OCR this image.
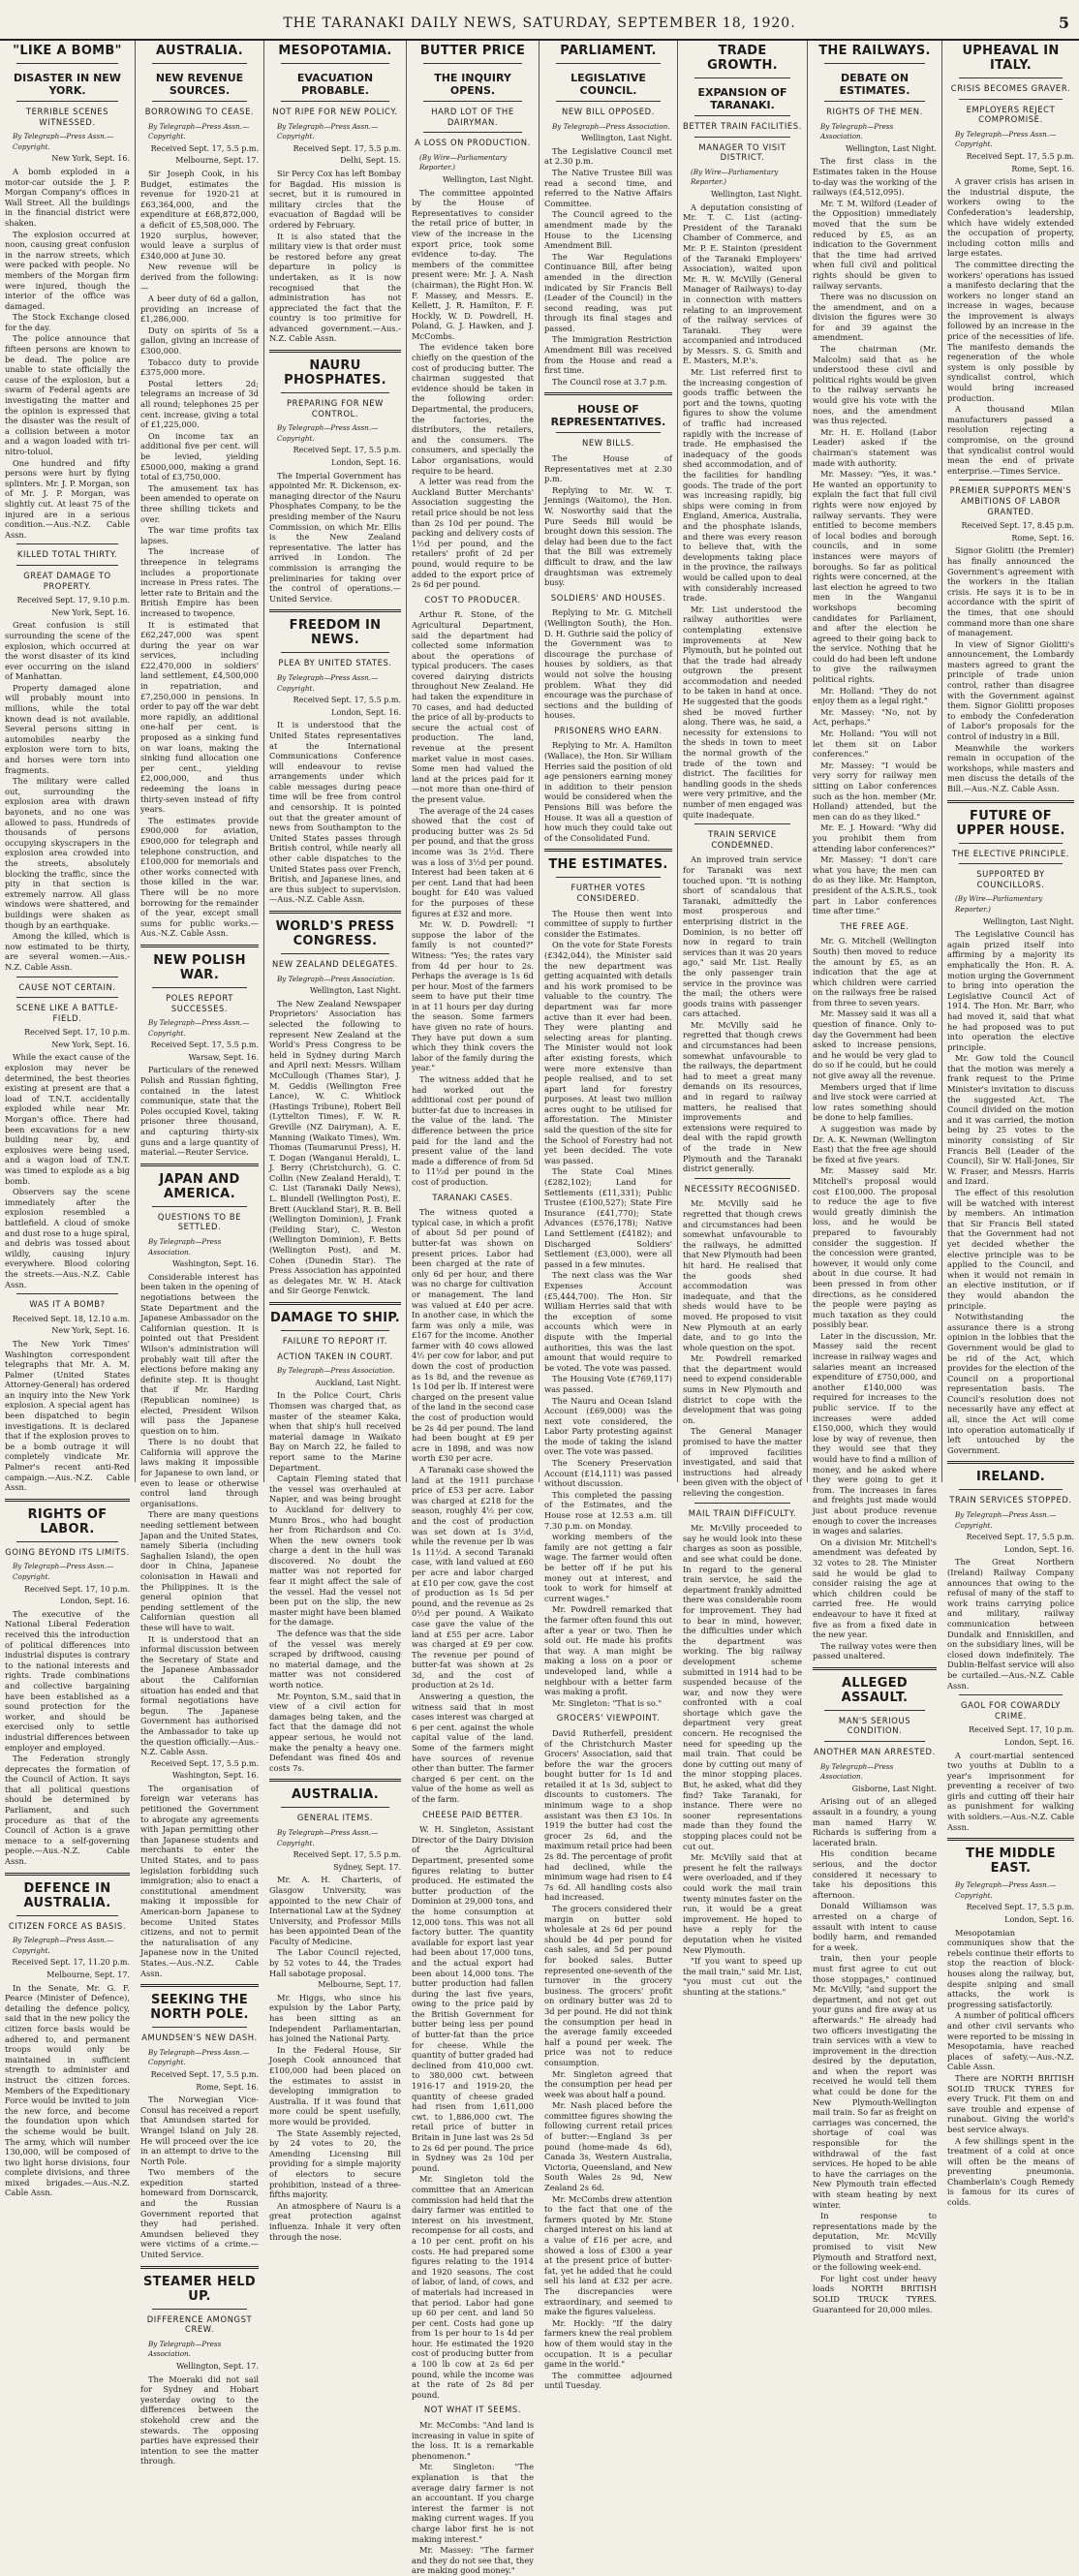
THE TARANAKI DAILY NEWS, SATURDAY, SEPTEMBER 18, 1920.	5
"LIKE A BOMB"
DISASTER IN NEW YORK.
TERRIBLE SCENES WITNESSED.
By Telegraph—Press Assn.—Copyright.
New York, Sept. 16.

A bomb exploded in a motor-car outside the J. P. Morgan Company's offices in Wall Street. All the buildings in the financial district were shaken.

The explosion occurred at noon, causing great confusion in the narrow streets, which were packed with people. No members of the Morgan firm were injured, though the interior of the office was damaged.

The Stock Exchange closed for the day.

The police announce that fifteen persons are known to be dead. The police are unable to state officially the cause of the explosion, but a swarm of Federal agents are investigating the matter and the opinion is expressed that the disaster was the result of a collision between a motor and a wagon loaded with tri-nitro-toluol.

One hundred and fifty persons were hurt by flying splinters. Mr. J. P. Morgan, son of Mr. J. P. Morgan, was slightly cut. At least 75 of the injured are in a serious condition.—Aus.-N.Z. Cable Assn.

KILLED TOTAL THIRTY.
GREAT DAMAGE TO PROPERTY.
Received Sept. 17, 9.10 p.m.
New York, Sept. 16.

Great confusion is still surrounding the scene of the explosion, which occurred at the worst disaster of its kind ever occurring on the island of Manhattan.

Property damaged alone will probably mount into millions, while the total known dead is not available. Several persons sitting in automobiles nearby the explosion were torn to bits, and horses were torn into fragments.

The military were called out, surrounding the explosion area with drawn bayonets, and no one was allowed to pass. Hundreds of thousands of persons occupying skyscrapers in the explosion area crowded into the streets, absolutely blocking the traffic, since the pity in that section is extremely narrow. All glass windows were shattered, and buildings were shaken as though by an earthquake.

Among the killed, which is now estimated to be thirty, are several women.—Aus.-N.Z. Cable Assn.

CAUSE NOT CERTAIN.
SCENE LIKE A BATTLE-FIELD.
Received Sept. 17, 10 p.m.
New York, Sept. 16.

While the exact cause of the explosion may never be determined, the best theories existing at present are that a load of T.N.T. accidentally exploded while near Mr. Morgan's office. There had been excavations for a new building near by, and explosives were being used, and a wagon load of T.N.T. was timed to explode as a big bomb.

Observers say the scene immediately after the explosion resembled a battlefield. A cloud of smoke and dust rose to a huge spiral, and debris was tossed about wildly, causing injury everywhere. Blood coloring the streets.—Aus.-N.Z. Cable Assn.

WAS IT A BOMB?
Received Sept. 18, 12.10 a.m.
New York, Sept. 16.

The New York Times' Washington correspondent telegraphs that Mr. A. M. Palmer (United States Attorney-General) has ordered an inquiry into the New York explosion. A special agent has been dispatched to begin investigations. It is declared that if the explosion proves to be a bomb outrage it will completely vindicate Mr. Palmer's recent anti-Red campaign.—Aus.-N.Z. Cable Assn.

RIGHTS OF LABOR.
GOING BEYOND ITS LIMITS.
By Telegraph—Press Assn.—Copyright.
Received Sept. 17, 10 p.m.
London, Sept. 16.

The executive of the National Liberal Federation received this the introduction of political differences into industrial disputes is contrary to the national interests and rights. Trade combinations and collective bargaining have been established as a sound protection for the worker, and should be exercised only to settle industrial differences between employer and employed.

The Federation strongly deprecates the formation of the Council of Action. It says that all political questions should be determined by Parliament, and such procedure as that of the Council of Action is a grave menace to a self-governing people.—Aus.-N.Z. Cable Assn.

DEFENCE IN AUSTRALIA.
CITIZEN FORCE AS BASIS.
By Telegraph—Press Assn.—Copyright.
Received Sept. 17, 11.20 p.m.
Melbourne, Sept. 17.

In the Senate, Mr. G. F. Pearce (Minister of Defence), detailing the defence policy, said that in the new policy the citizen force basis would be adhered to, and permanent troops would only be maintained in sufficient strength to administer and instruct the citizen forces. Members of the Expeditionary Force would be invited to join the new force, and become the foundation upon which the scheme would be built. The army, which will number 130,000, will be composed of two light horse divisions, four complete divisions, and three mixed brigades.—Aus.-N.Z. Cable Assn.

AUSTRALIA.
NEW REVENUE SOURCES.
BORROWING TO CEASE.
By Telegraph—Press Assn.—Copyright.
Received Sept. 17, 5.5 p.m.
Melbourne, Sept. 17.

Sir Joseph Cook, in his Budget, estimates the revenue for 1920-21 at £63,364,000, and the expenditure at £68,872,000, a deficit of £5,508,000. The 1920 surplus, however, would leave a surplus of £340,000 at June 30.

New revenue will be derived from the following:—

A beer duty of 6d a gallon, providing an increase of £1,286,000.

Duty on spirits of 5s a gallon, giving an increase of £300,000.

Tobacco duty to provide £375,000 more.

Postal letters 2d; telegrams an increase of 3d all round; telephones 25 per cent. increase, giving a total of £1,225,000.

On income tax an additional five per cent. will be levied, yielding £5000,000, making a grand total of £3,750,000.

The amusement tax has been amended to operate on three shilling tickets and over.

The war time profits tax lapses.

The increase of threepence in telegrams includes a proportionate increase in Press rates. The letter rate to Britain and the British Empire has been increased to twopence.

It is estimated that £62,247,000 was spent during the year on war services, including £22,470,000 in soldiers' land settlement, £4,500,000 in repatriation, and £7,250,000 in pensions. In order to pay off the war debt more rapidly, an additional one-half per cent. is proposed as a sinking fund on war loans, making the sinking fund allocation one per cent., yielding £2,000,000, and thus redeeming the loans in thirty-seven instead of fifty years.

The estimates provide £900,000 for aviation, £900,000 for telegraph and telephone construction, and £100,000 for memorials and other works connected with those killed in the war. There will be no more borrowing for the remainder of the year, except small sums for public works.—Aus.-N.Z. Cable Assn.

NEW POLISH WAR.
POLES REPORT SUCCESSES.
By Telegraph—Press Assn.—Copyright.
Received Sept. 17, 5.5 p.m.
Warsaw, Sept. 16.

Particulars of the renewed Polish and Russian fighting, contained in the latest communique, state that the Poles occupied Kovel, taking prisoner three thousand, and capturing thirty-six guns and a large quantity of material.—Reuter Service.

JAPAN AND AMERICA.
QUESTIONS TO BE SETTLED.
By Telegraph—Press Association.
Washington, Sept. 16.

Considerable interest has been taken in the opening of negotiations between the State Department and the Japanese Ambassador on the Californian question. It is pointed out that President Wilson's administration will probably wait till after the elections before making any definite step. It is thought that if Mr. Harding (Republican nominee) is elected, President Wilson will pass the Japanese question on to him.

There is no doubt that California will approve the laws making it impossible for Japanese to own land, or even to lease or otherwise control land through organisations.

There are many questions needing settlement between Japan and the United States, namely Siberia (including Saghalien Island), the open door in China, Japanese colonisation in Hawaii and the Philippines. It is the general opinion that pending settlement of the Californian question all these will have to wait.

It is understood that an informal discussion between the Secretary of State and the Japanese Ambassador about the Californian situation has ended and that formal negotiations have begun. The Japanese Government has authorised the Ambassador to take up the question officially.—Aus.-N.Z. Cable Assn.

Received Sept. 17, 5.5 p.m.
Washington, Sept. 16.

The organisation of foreign war veterans has petitioned the Government to abrogate any agreements with Japan permitting other than Japanese students and merchants to enter the United States, and to pass legislation forbidding such immigration; also to enact a constitutional amendment making it impossible for American-born Japanese to become United States citizens, and not to permit the naturalisation of any Japanese now in the United States.—Aus.-N.Z. Cable Assn.

SEEKING THE NORTH POLE.
AMUNDSEN'S NEW DASH.
By Telegraph—Press Assn.—Copyright.
Received Sept. 17, 5.5 p.m.
Rome, Sept. 16.

The Norwegian Vice-Consul has received a report that Amundsen started for Wrangel Island on July 28. He will proceed over the ice in an attempt to drive to the North Pole.

Two members of the expedition started homeward from Dornscarck, and the Russian Government reported that they had perished. Amundsen believed they were victims of a crime.—United Service.

STEAMER HELD UP.
DIFFERENCE AMONGST CREW.
By Telegraph—Press Association.
Wellington, Sept. 17.

The Moeraki did not sail for Sydney and Hobart yesterday owing to the differences between the stokehold crew and the stewards. The opposing parties have expressed their intention to see the matter through.

MESOPOTAMIA.
EVACUATION PROBABLE.
NOT RIPE FOR NEW POLICY.
By Telegraph—Press Assn.—Copyright.
Received Sept. 17, 5.5 p.m.
Delhi, Sept. 15.

Sir Percy Cox has left Bombay for Bagdad. His mission is secret, but it is rumoured in military circles that the evacuation of Bagdad will be ordered by February.

It is also stated that the military view is that order must be restored before any great departure in policy is undertaken, as it is now recognised that the administration has not appreciated the fact that the country is too primitive for advanced government.—Aus.-N.Z. Cable Assn.

NAURU PHOSPHATES.
PREPARING FOR NEW CONTROL.
By Telegraph—Press Assn.—Copyright.
Received Sept. 17, 5.5 p.m.
London, Sept. 16.

The Imperial Government has appointed Mr. R. Dickenson, ex-managing director of the Nauru Phosphates Company, to be the presiding member of the Nauru Commission, on which Mr. Ellis is the New Zealand representative. The latter has arrived in London. The commission is arranging the preliminaries for taking over the control of operations.—United Service.

FREEDOM IN NEWS.
PLEA BY UNITED STATES.
By Telegraph—Press Assn.—Copyright.
Received Sept. 17, 5.5 p.m.
London, Sept. 16.

It is understood that the United States representatives at the International Communications Conference will endeavour to revise arrangements under which cable messages during peace time will be free from control and censorship. It is pointed out that the greater amount of news from Southampton to the United States passes through British control, while nearly all other cable dispatches to the United States pass over French, British, and Japanese lines, and are thus subject to supervision.—Aus.-N.Z. Cable Assn.

WORLD'S PRESS CONGRESS.
NEW ZEALAND DELEGATES.
By Telegraph—Press Association.
Wellington, Last Night.

The New Zealand Newspaper Proprietors' Association has selected the following to represent New Zealand at the World's Press Congress to be held in Sydney during March and April next: Messrs. William McCullough (Thames Star), J. M. Geddis (Wellington Free Lance), W. C. Whitlock (Hastings Tribune), Robert Bell (Lyttelton Times), F. W. R. Greville (NZ Dairyman), A. E. Manning (Waikato Times), Wm. Thomas (Taumarunui Press), H. T. Dogan (Wanganui Herald), L. J. Berry (Christchurch), G. C. Collin (New Zealand Herald), T. C. List (Taranaki Daily News), L. Blundell (Wellington Post), E. Brett (Auckland Star), R. B. Bell (Wellington Dominion), J. Frank (Feilding Star), C. Weston (Wellington Dominion), F. Betts (Wellington Post), and M. Cohen (Dunedin Star). The Press Association has appointed as delegates Mr. W. H. Atack and Sir George Fenwick.

DAMAGE TO SHIP.
FAILURE TO REPORT IT.
ACTION TAKEN IN COURT.
By Telegraph—Press Association.
Auckland, Last Night.

In the Police Court, Chris Thomsen was charged that, as master of the steamer Kaka, when that ship's hull received material damage in Waikato Bay on March 22, he failed to report same to the Marine Department.

Captain Fleming stated that the vessel was overhauled at Napier, and was being brought to Auckland for delivery to Munro Bros., who had bought her from Richardson and Co. When the new owners took charge a dent in the hull was discovered. No doubt the matter was not reported for fear it might affect the sale of the vessel. Had the vessel not been put on the slip, the new master might have been blamed for the damage.

The defence was that the side of the vessel was merely scraped by driftwood, causing no material damage, and the matter was not considered worth notice.

Mr. Poynton, S.M., said that in view of a civil action for damages being taken, and the fact that the damage did not appear serious, he would not make the penalty a heavy one. Defendant was fined 40s and costs 7s.

AUSTRALIA.
GENERAL ITEMS.
By Telegraph—Press Assn.—Copyright.
Received Sept. 17, 5.5 p.m.
Sydney, Sept. 17.

Mr. A. H. Charteris, of Glasgow University, was appointed to the new Chair of International Law at the Sydney University, and Professor Mills has been appointed Dean of the Faculty of Medicine.

The Labor Council rejected, by 52 votes to 44, the Trades Hall sabotage proposal.

Melbourne, Sept. 17.

Mr. Higgs, who since his expulsion by the Labor Party, has been sitting as an Independent Parliamentarian, has joined the National Party.

In the Federal House, Sir Joseph Cook announced that £100,000 had been placed on the estimates to assist in developing immigration to Australia. If it was found that more could be spent usefully, more would be provided.

The State Assembly rejected, by 24 votes to 20, the Amending Licensing Bill providing for a simple majority of electors to secure prohibition, instead of a three-fifths majority.

An atmosphere of Nauru is a great protection against influenza. Inhale it very often through the nose.

BUTTER PRICE
THE INQUIRY OPENS.
HARD LOT OF THE DAIRYMAN.
A LOSS ON PRODUCTION.
(By Wire—Parliamentary Reporter.)
Wellington, Last Night.

The committee appointed by the House of Representatives to consider the retail price of butter, in view of the increase in the export price, took some evidence to-day. The members of the committee present were: Mr. J. A. Nash (chairman), the Right Hon. W. F. Massey, and Messrs. E. Kellett, J. R. Hamilton, F. F. Hockly, W. D. Powdrell, H. Poland, G. J. Hawken, and J. McCombs.

The evidence taken bore chiefly on the question of the cost of producing butter. The chairman suggested that evidence should be taken in the following order: Departmental, the producers, the factories, the distributors, the retailers, and the consumers. The consumers, and specially the Labor organisations, would require to be heard.

A letter was read from the Auckland Butter Merchants' Association suggesting the retail price should be not less than 2s 10d per pound. The packing and delivery costs of 1½d per pound, and the retailers' profit of 2d per pound, would require to be added to the export price of 2s 6d per pound.

COST TO PRODUCER.

Arthur R. Stone, of the Agricultural Department, said the department had collected some information about the operations of typical producers. The cases covered dairying districts throughout New Zealand. He had taken the expenditure in 70 cases, and had deducted the price of all by-products to secure the actual cost of production. The land, revenue at the present market value in most cases. Some men had valued the land at the prices paid for it—not more than one-third of the present value.

The average of the 24 cases showed that the cost of producing butter was 2s 5d per pound, and that the gross income was 3s 2½d. There was a loss of 3½d per pound. Interest had been taken at 6 per cent. Land that had been bought for £40 was valued for the purposes of these figures at £32 and more.

Mr. W. D. Powdrell: "I suppose the labor of the family is not counted?" Witness: "Yes; the rates vary from 4d per hour to 2s. Perhaps the average is 1s 6d per hour. Most of the farmers seem to have put their time in at 11 hours per day during the season. Some farmers have given no rate of hours. They have put down a sum which they think covers the labor of the family during the year."

The witness added that he had worked out the additional cost per pound of butter-fat due to increases in the value of the land. The difference between the price paid for the land and the present value of the land made a difference of from 5d to 11½d per pound in the cost of production.

TARANAKI CASES.

The witness quoted a typical case, in which a profit of about 5d per pound of butter-fat was shown on present prices. Labor had been charged at the rate of only 6d per hour, and there was no charge for cultivation or management. The land was valued at £40 per acre. In another case, in which the farm was only a mile, was £167 for the income. Another farmer with 40 cows allowed 4½ per cow for labor, and put down the cost of production as 1s 8d, and the revenue as 1s 10d per lb. If interest were charged on the present value of the land in the second case the cost of production would be 2s 4d per pound. The land had been bought at £9 per acre in 1898, and was now worth £30 per acre.

A Taranaki case showed the land at the 1911 purchase price of £53 per acre. Labor was charged at £218 for the season, roughly 4½ per cow, and the cost of production was set down at 1s 3½d, while the revenue per lb was 1s 11½d. A second Taranaki case, with land valued at £60 per acre and labor charged at £10 per cow, gave the cost of production as 1s 5d per pound, and the revenue as 2s 0½d per pound. A Waikato case gave the value of the land at £55 per acre. Labor was charged at £9 per cow. The revenue per pound of butter-fat was shown at 2s 3d, and the cost of production at 2s 1d.

Answering a question, the witness said that in most cases interest was charged at 6 per cent. against the whole capital value of the land. Some of the farmers might have sources of revenue other than butter. The farmer charged 6 per cent. on the value of the home as well as of the farm.

CHEESE PAID BETTER.

W. H. Singleton, Assistant Director of the Dairy Division of the Agricultural Department, presented some figures relating to butter produced. He estimated the butter production of the Dominion at 29,000 tons, and the home consumption at 12,000 tons. This was not all factory butter. The quantity available for export last year had been about 17,000 tons, and the actual export had been about 14,000 tons. The butter production had fallen during the last five years, owing to the price paid by the British Government for butter being less per pound of butter-fat than the price for cheese. While the quantity of butter graded had declined from 410,000 cwt. to 380,000 cwt. between 1916-17 and 1919-20, the quantity of cheese graded had risen from 1,611,000 cwt. to 1,886,000 cwt. The retail price of butter in Britain in June last was 2s 5d to 2s 6d per pound. The price in Sydney was 2s 10d per pound.

Mr. Singleton told the committee that an American commission had held that the dairy farmer was entitled to interest on his investment, recompense for all costs, and a 10 per cent. profit on his costs. He had prepared some figures relating to the 1914 and 1920 seasons. The cost of labor, of land, of cows, and of materials had increased in that period. Labor had gone up 60 per cent. and land 50 per cent. Costs had gone up from 1s per hour to 1s 4d per hour. He estimated the 1920 cost of producing butter from a 100 lb cow at 2s 6d per pound, while the income was at the rate of 2s 8d per pound.

NOT WHAT IT SEEMS.

Mr. McCombs: "And land is increasing in value in spite of the loss. It is a remarkable phenomenon."

Mr. Singleton: "The explanation is that the average dairy farmer is not an accountant. If you charge interest the farmer is not making current wages. If you charge labor first he is not making interest."

Mr. Massey: "The farmer and they do not see that, they are making good money."

PARLIAMENT.
LEGISLATIVE COUNCIL.
NEW BILL OPPOSED.
By Telegraph—Press Association.
Wellington, Last Night.

The Legislative Council met at 2.30 p.m.

The Native Trustee Bill was read a second time, and referred to the Native Affairs Committee.

The Council agreed to the amendment made by the House to the Licensing Amendment Bill.

The War Regulations Continuance Bill, after being amended in the direction indicated by Sir Francis Bell (Leader of the Council) in the second reading, was put through its final stages and passed.

The Immigration Restriction Amendment Bill was received from the House and read a first time.

The Council rose at 3.7 p.m.

HOUSE OF REPRESENTATIVES.
NEW BILLS.

The House of Representatives met at 2.30 p.m.

Replying to Mr. W. T. Jennings (Waitomo), the Hon. W. Nosworthy said that the Pure Seeds Bill would be brought down this session. The delay had been due to the fact that the Bill was extremely difficult to draw, and the law draughtsman was extremely busy.

SOLDIERS' AND HOUSES.

Replying to Mr. G. Mitchell (Wellington South), the Hon. D. H. Guthrie said the policy of the Government was to discourage the purchase of houses by soldiers, as that would not solve the housing problem. What they did encourage was the purchase of sections and the building of houses.

PRISONERS WHO EARN.

Replying to Mr. A. Hamilton (Wallace), the Hon. Sir William Herries said the position of old age pensioners earning money in addition to their pension would be considered when the Pensions Bill was before the House. It was all a question of how much they could take out of the Consolidated Fund.

THE ESTIMATES.
FURTHER VOTES CONSIDERED.

The House then went into committee of supply to further consider the Estimates.

On the vote for State Forests (£342,044), the Minister said the new department was getting acquainted with details and his work promised to be valuable to the country. The department was far more active than it ever had been. They were planting and selecting areas for planting. The Minister would not look after existing forests, which were more extensive than people realised, and to set apart land for forestry purposes. At least two million acres ought to be utilised for afforestation. The Minister said the question of the site for the School of Forestry had not yet been decided. The vote was passed.

The State Coal Mines (£282,102); Land for Settlements (£11,331); Public Trustee (£100,527); State Fire Insurance (£41,770); State Advances (£576,178); Native Land Settlement (£4182); and Discharged Soldiers' Settlement (£3,000), were all passed in a few minutes.

The next class was the War Expenses Account (£5,444,700). The Hon. Sir William Herries said that with the exception of some accounts which were in dispute with the Imperial authorities, this was the last amount that would require to be voted. The vote was passed.

The Housing Vote (£769,117) was passed.

The Nauru and Ocean Island Account (£69,000) was the next vote considered, the Labor Party protesting against the mode of taking the island over. The vote was passed.

The Scenery Preservation Account (£14,111) was passed without discussion.

This completed the passing of the Estimates, and the House rose at 12.53 a.m. till 7.30 p.m. on Monday.

working members of the family are not getting a fair wage. The farmer would often be better off if he put his money out at interest, and took to work for himself at current wages."

Mr. Powdrell remarked that the farmer often found this out after a year or two. Then he sold out. He made his profits that way. A man might be making a loss on a poor or undeveloped land, while a neighbour with a better farm was making a profit.

Mr. Singleton: "That is so."

GROCERS' VIEWPOINT.

David Rutherfell, president of the Christchurch Master Grocers' Association, said that before the war the grocers bought butter for 1s 1d and retailed it at 1s 3d, subject to discounts to customers. The minimum wage to a shop assistant was then £3 10s. In 1919 the butter had cost the grocer 2s 6d, and the maximum retail price had been 2s 8d. The percentage of profit had declined, while the minimum wage had risen to £4 7s 6d. All handling costs also had increased.

The grocers considered their margin on butter sold wholesale at 2s 6d per pound should be 4d per pound for cash sales, and 5d per pound for booked sales. Butter represented one-seventh of the turnover in the grocery business. The grocers' profit on ordinary butter was 2d to 3d per pound. He did not think the consumption per head in the average family exceeded half a pound per week. The price was not to reduce consumption.

Mr. Singleton agreed that the consumption per head per week was about half a pound.

Mr. Nash placed before the committee figures showing the following current retail prices of butter:—England 3s per pound (home-made 4s 6d), Canada 3s, Western Australia, Victoria, Queensland, and New South Wales 2s 9d, New Zealand 2s 6d.

Mr. McCombs drew attention to the fact that one of the farmers quoted by Mr. Stone charged interest on his land at a value of £16 per acre, and showed a loss of £300 a year at the present price of butter-fat, yet he added that he could sell his land at £32 per acre. The discrepancies were extraordinary, and seemed to make the figures valueless.

Mr. Hockly: "If the dairy farmers knew the real problem how of them would stay in the occupation. It is a peculiar game in the world."

The committee adjourned until Tuesday.

TRADE GROWTH.
EXPANSION OF TARANAKI.
BETTER TRAIN FACILITIES.
MANAGER TO VISIT DISTRICT.
(By Wire—Parliamentary Reporter.)
Wellington, Last Night.

A deputation consisting of Mr. T. C. List (acting-President of the Taranaki Chamber of Commerce, and Mr. P. E. Stainton (president of the Taranaki Employers' Association), waited upon Mr. R. W. McVilly (General Manager of Railways) to-day in connection with matters relating to an improvement of the railway services of Taranaki. They were accompanied and introduced by Messrs. S. G. Smith and E. Masters, M.P.'s.

Mr. List referred first to the increasing congestion of goods traffic between the port and the towns, quoting figures to show the volume of traffic had increased rapidly with the increase of trade. He emphasised the inadequacy of the goods shed accommodation, and of the facilities for handling goods. The trade of the port was increasing rapidly, big ships were coming in from England, America, Australia, and the phosphate islands, and there was every reason to believe that, with the developments taking place in the province, the railways would be called upon to deal with considerably increased trade.

Mr. List understood the railway authorities were contemplating extensive improvements at New Plymouth, but he pointed out that the trade had already outgrown the present accommodation and needed to be taken in hand at once. He suggested that the goods shed be moved further along. There was, he said, a necessity for extensions to the sheds in town to meet the normal growth of the trade of the town and district. The facilities for handling goods in the sheds were very primitive, and the number of men engaged was quite inadequate.

TRAIN SERVICE CONDEMNED.

An improved train service for Taranaki was next touched upon. "It is nothing short of scandalous that Taranaki, admittedly the most prosperous and enterprising district in the Dominion, is no better off now in regard to train services than it was 20 years ago," said Mr. List. Really the only passenger train service in the province was the mail; the others were goods trains with passenger cars attached.

Mr. McVilly said he regretted that though crews and circumstances had been somewhat unfavourable to the railways, the department had to meet a great many demands on its resources, and in regard to railway matters, he realised that improvements and extensions were required to deal with the rapid growth of the trade in New Plymouth and the Taranaki district generally.

NECESSITY RECOGNISED.

Mr. McVilly said he regretted that though crews and circumstances had been somewhat unfavourable to the railways, he admitted that New Plymouth had been hit hard. He realised that the goods shed accommodation was inadequate, and that the sheds would have to be moved. He proposed to visit New Plymouth at an early date, and to go into the whole question on the spot.

Mr. Powdrell remarked that the department would need to expend considerable sums in New Plymouth and district to cope with the development that was going on.

The General Manager promised to have the matter of improved facilities investigated, and said that instructions had already been given with the object of relieving the congestion.

MAIL TRAIN DIFFICULTY.

Mr. McVilly proceeded to say he would look into these charges as soon as possible, and see what could be done. In regard to the general train service, he said the department frankly admitted there was considerable room for improvement. They had to bear in mind, however, the difficulties under which the department was working. The big railway development scheme submitted in 1914 had to be suspended because of the war, and now they were confronted with a coal shortage which gave the department very great concern. He recognised the need for speeding up the mail train. That could be done by cutting out many of the minor stopping places. But, he asked, what did they find? Take Taranaki, for instance. There were no sooner representations made than they found the stopping places could not be cut out.

Mr. McVilly said that at present he felt the railways were overloaded, and if they could work the mail train twenty minutes faster on the run, it would be a great improvement. He hoped to have a reply for the deputation when he visited New Plymouth.

"If you want to speed up the mail train," said Mr. List, "you must cut out the shunting at the stations."

THE RAILWAYS.
DEBATE ON ESTIMATES.
RIGHTS OF THE MEN.
By Telegraph—Press Association.
Wellington, Last Night.

The first class in the Estimates taken in the House to-day was the working of the railways (£4,512,095).

Mr. T. M. Wilford (Leader of the Opposition) immediately moved that the sum be reduced by £5, as an indication to the Government that the time had arrived when full civil and political rights should be given to railway servants.

There was no discussion on the amendment, and on a division the figures were 30 for and 39 against the amendment.

The chairman (Mr. Malcolm) said that as he understood these civil and political rights would be given to the railway servants he would give his vote with the noes, and the amendment was thus rejected.

Mr. H. E. Holland (Labor Leader) asked if the chairman's statement was made with authority.

Mr. Massey: "Yes, it was." He wanted an opportunity to explain the fact that full civil rights were now enjoyed by railway servants. They were entitled to become members of local bodies and borough councils, and in some instances were mayors of boroughs. So far as political rights were concerned, at the last election he agreed to two men in the Wanganui workshops becoming candidates for Parliament, and after the election he agreed to their going back to the service. Nothing that he could do had been left undone to give the railwaymen political rights.

Mr. Holland: "They do not enjoy them as a legal right."

Mr. Massey: "No, not by Act, perhaps."

Mr. Holland: "You will not let them sit on Labor conferences."

Mr. Massey: "I would be very sorry for railway men sitting on Labor conferences such as the hon. member (Mr. Holland) attended, but the men can do as they liked."

Mr. E. J. Howard: "Why did you prohibit them from attending labor conferences?"

Mr. Massey: "I don't care what you have; the men can do as they like. Mr. Hampton, president of the A.S.R.S., took part in Labor conferences time after time."

THE FREE AGE.

Mr. G. Mitchell (Wellington South) then moved to reduce the amount by £5, as an indication that the age at which children were carried on the railways free be raised from three to seven years.

Mr. Massey said it was all a question of finance. Only to-day the Government had been asked to increase pensions, and he would be very glad to do so if he could, but he could not give away all the revenue.

Members urged that if lime and live stock were carried at low rates something should be done to help families.

A suggestion was made by Dr. A. K. Newman (Wellington East) that the free age should be fixed at five years.

Mr. Massey said Mr. Mitchell's proposal would cost £100,000. The proposal to reduce the age to five would greatly diminish the loss, and he would be prepared to favourably consider the suggestion. If the concession were granted, however, it would only come about in due course. It had been pressed in from other directions, as he considered the people were paying as much taxation as they could possibly bear.

Later in the discussion, Mr. Massey said the recent increase in railway wages and salaries meant an increased expenditure of £750,000, and another £140,000 was required for increases to the public service. If to the increases were added £150,000, which they would lose by way of revenue, then they would see that they would have to find a million of money, and he asked where they were going to get it from. The increases in fares and freights just made would just about produce revenue enough to cover the increases in wages and salaries.

On a division Mr. Mitchell's amendment was defeated by 32 votes to 28. The Minister said he would be glad to consider raising the age at which children could be carried free. He would endeavour to have it fixed at five as from a fixed date in the new year.

The railway votes were then passed unaltered.

ALLEGED ASSAULT.
MAN'S SERIOUS CONDITION.
ANOTHER MAN ARRESTED.
By Telegraph—Press Association.
Gisborne, Last Night.

Arising out of an alleged assault in a foundry, a young man named Harry W. Richards is suffering from a lacerated brain.

His condition became serious, and the doctor considered it necessary to take his depositions this afternoon.

Donald Williamson was arrested on a charge of assault with intent to cause bodily harm, and remanded for a week.

train, then your people must first agree to cut out those stoppages," continued Mr. McVilly, "and support the department, and not get out your guns and fire away at us afterwards." He already had two officers investigating the train services with a view to improvement in the direction desired by the deputation, and when the report was received he would tell them what could be done for the New Plymouth-Wellington mail train. So far as freight on carriages was concerned, the shortage of coal was responsible for the withdrawal of the fast services. He hoped to be able to have the carriages on the New Plymouth train effected with steam heating by next winter.

In response to representations made by the deputation, Mr. McVilly promised to visit New Plymouth and Stratford next, or the following week-end.

For light cost under heavy loads NORTH BRITISH SOLID TRUCK TYRES. Guaranteed for 20,000 miles.

UPHEAVAL IN ITALY.
CRISIS BECOMES GRAVER.
EMPLOYERS REJECT COMPROMISE.
By Telegraph—Press Assn.—Copyright.
Received Sept. 17, 5.5 p.m.
Rome, Sept. 16.

A graver crisis has arisen in the industrial dispute, the workers owing to the Confederation's leadership, which have widely extended the occupation of property, including cotton mills and large estates.

The committee directing the workers' operations has issued a manifesto declaring that the workers no longer stand an increase in wages, because the improvement is always followed by an increase in the price of the necessities of life. The manifesto demands the regeneration of the whole system is only possible by syndicalist control, which would bring increased production.

A thousand Milan manufacturers passed a resolution rejecting a compromise, on the ground that syndicalist control would mean the end of private enterprise.—Times Service.

PREMIER SUPPORTS MEN'S AMBITIONS OF LABOR GRANTED.
Received Sept. 17, 8.45 p.m.
Rome, Sept. 16.

Signor Giolitti (the Premier) has finally announced the Government's agreement with the workers in the Italian crisis. He says it is to be in accordance with the spirit of the times, that one should command more than one share of management.

In view of Signor Giolitti's announcement, the Lombardy masters agreed to grant the principle of trade union control, rather than disagree with the Government against them. Signor Giolitti proposes to embody the Confederation of Labor's proposals for the control of industry in a Bill.

Meanwhile the workers remain in occupation of the workshops, while masters and men discuss the details of the Bill.—Aus.-N.Z. Cable Assn.

FUTURE OF UPPER HOUSE.
THE ELECTIVE PRINCIPLE.
SUPPORTED BY COUNCILLORS.
(By Wire—Parliamentary Reporter.)
Wellington, Last Night.

The Legislative Council has again prized itself into affirming by a majority its emphatically the Hon. R. A. motion urging the Government to bring into operation the Legislative Council Act of 1914. The Hon. Mr. Barr, who had moved it, said that what he had proposed was to put into operation the elective principle.

Mr. Gow told the Council that the motion was merely a frank request to the Prime Minister's invitation to discuss the suggested Act. The Council divided on the motion and it was carried, the motion being by 25 votes to the minority consisting of Sir Francis Bell (Leader of the Council), Sir W. Hall-Jones, Sir W. Fraser, and Messrs. Harris and Izard.

The effect of this resolution will be watched with interest by members. An intimation that Sir Francis Bell stated that the Government had not yet decided whether the elective principle was to be applied to the Council, and when it would not remain in an elective institution, or if they would abandon the principle.

Notwithstanding the assurance there is a strong opinion in the lobbies that the Government would be glad to be rid of the Act, which provides for the election of the Council on a proportional representation basis. The Council's resolution does not necessarily have any effect at all, since the Act will come into operation automatically if left untouched by the Government.

IRELAND.
TRAIN SERVICES STOPPED.
By Telegraph—Press Assn.—Copyright.
Received Sept. 17, 5.5 p.m.
London, Sept. 16.

The Great Northern (Ireland) Railway Company announces that owing to the refusal of many of the staff to work trains carrying police and military, railway communication between Dundalk and Enniskillen, and on the subsidiary lines, will be closed down indefinitely. The Dublin-Belfast service will also be curtailed.—Aus.-N.Z. Cable Assn.

GAOL FOR COWARDLY CRIME.
Received Sept. 17, 10 p.m.
London, Sept. 16.

A court-martial sentenced two youths at Dublin to a year's imprisonment for preventing a receiver of two girls and cutting off their hair as punishment for walking with soldiers.—Aus.-N.Z. Cable Assn.

THE MIDDLE EAST.
By Telegraph—Press Assn.—Copyright.
Received Sept. 17, 5.5 p.m.
London, Sept. 16.

Mesopotamian communiques show that the rebels continue their efforts to stop the reaction of block-houses along the railway, but, despite sniping and small attacks, the work is progressing satisfactorily.

A number of political officers and other civil servants who were reported to be missing in Mesopotamia, have reached places of safety.—Aus.-N.Z. Cable Assn.

There are NORTH BRITISH SOLID TRUCK TYRES for every Truck. Fit them on and save trouble and expense of runabout. Giving the world's best service always.

A few shillings spent in the treatment of a cold at once will often be the means of preventing pneumonia. Chamberlain's Cough Remedy is famous for its cures of colds.
